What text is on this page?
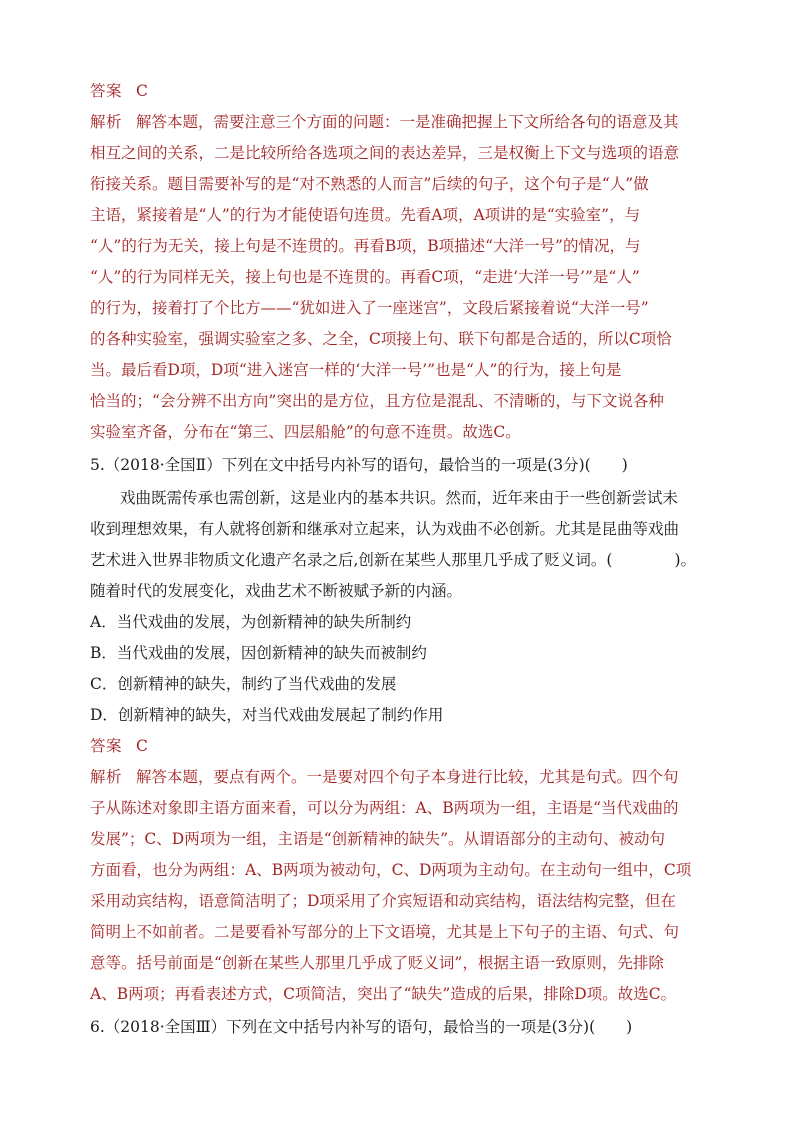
答案 C
解析 解答本题，需要注意三个方面的问题：一是准确把握上下文所给各句的语意及其
相互之间的关系，二是比较所给各选项之间的表达差异，三是权衡上下文与选项的语意
衔接关系。题目需要补写的是“对不熟悉的人而言”后续的句子，这个句子是“人”做
主语，紧接着是“人”的行为才能使语句连贯。先看A项，A项讲的是“实验室”，与
“人”的行为无关，接上句是不连贯的。再看B项，B项描述“大洋一号”的情况，与
“人”的行为同样无关，接上句也是不连贯的。再看C项，“走进‘大洋一号’”是“人”
的行为，接着打了个比方——“犹如进入了一座迷宫”，文段后紧接着说“大洋一号”
的各种实验室，强调实验室之多、之全，C项接上句、联下句都是合适的，所以C项恰
当。最后看D项，D项“进入迷宫一样的‘大洋一号’”也是“人”的行为，接上句是
恰当的；“会分辨不出方向”突出的是方位，且方位是混乱、不清晰的，与下文说各种
实验室齐备，分布在“第三、四层船舱”的句意不连贯。故选C。
5.（2018·全国Ⅱ）下列在文中括号内补写的语句，最恰当的一项是(3分)(　　)
戏曲既需传承也需创新，这是业内的基本共识。然而，近年来由于一些创新尝试未
收到理想效果，有人就将创新和继承对立起来，认为戏曲不必创新。尤其是昆曲等戏曲
艺术进入世界非物质文化遗产名录之后,创新在某些人那里几乎成了贬义词。(　　　　)。
随着时代的发展变化，戏曲艺术不断被赋予新的内涵。
A．当代戏曲的发展，为创新精神的缺失所制约
B．当代戏曲的发展，因创新精神的缺失而被制约
C．创新精神的缺失，制约了当代戏曲的发展
D．创新精神的缺失，对当代戏曲发展起了制约作用
答案 C
解析 解答本题，要点有两个。一是要对四个句子本身进行比较，尤其是句式。四个句
子从陈述对象即主语方面来看，可以分为两组：A、B两项为一组，主语是“当代戏曲的
发展”；C、D两项为一组，主语是“创新精神的缺失”。从谓语部分的主动句、被动句
方面看，也分为两组：A、B两项为被动句，C、D两项为主动句。在主动句一组中，C项
采用动宾结构，语意简洁明了；D项采用了介宾短语和动宾结构，语法结构完整，但在
简明上不如前者。二是要看补写部分的上下文语境，尤其是上下句子的主语、句式、句
意等。括号前面是“创新在某些人那里几乎成了贬义词”，根据主语一致原则，先排除
A、B两项；再看表述方式，C项简洁，突出了“缺失”造成的后果，排除D项。故选C。
6.（2018·全国Ⅲ）下列在文中括号内补写的语句，最恰当的一项是(3分)(　　)
